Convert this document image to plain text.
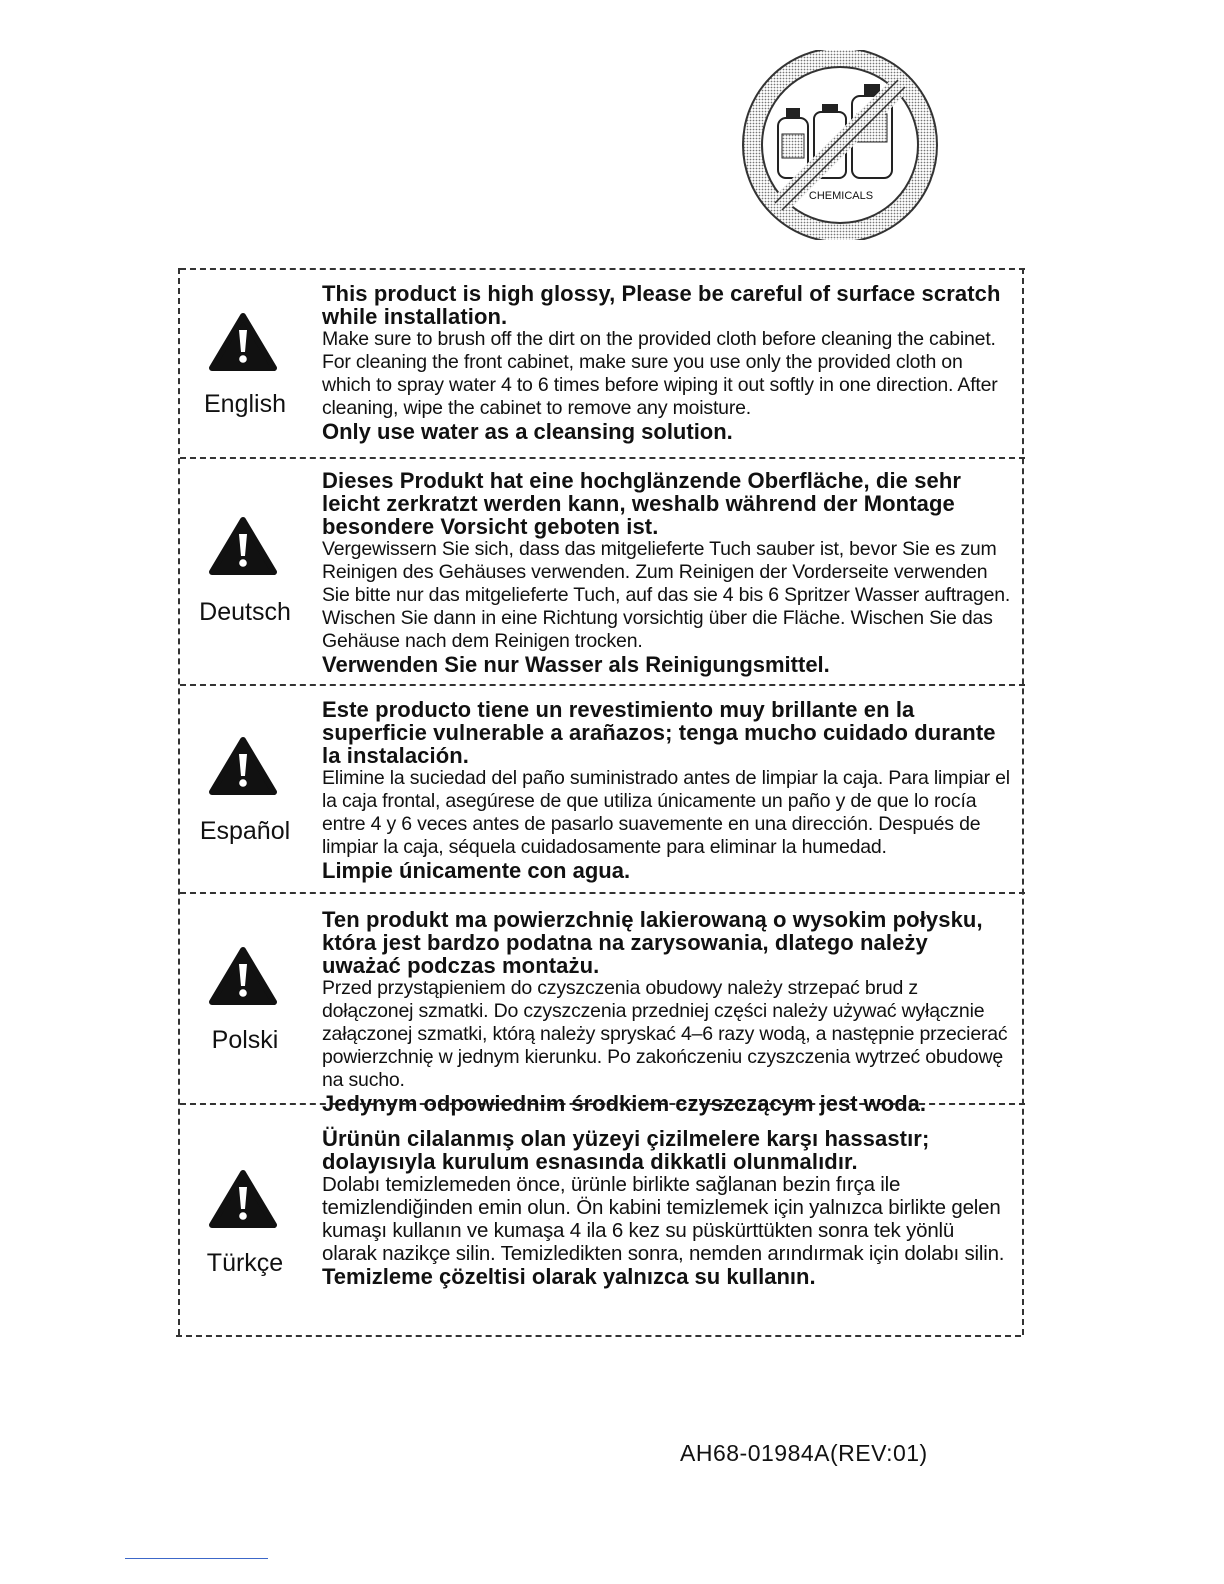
CHEMICALS
English
This product is high glossy, Please be careful of surface scratch while installation.
Make sure to brush off the dirt on the provided cloth before cleaning the cabinet. For cleaning the front cabinet, make sure you use only the provided cloth on which to spray water 4 to 6 times before wiping it out softly in one direction. After cleaning, wipe the cabinet to remove any moisture.
Only use water as a cleansing solution.
Deutsch
Dieses Produkt hat eine hochglänzende Oberfläche, die sehr leicht zerkratzt werden kann, weshalb während der Montage besondere Vorsicht geboten ist.
Vergewissern Sie sich, dass das mitgelieferte Tuch sauber ist, bevor Sie es zum Reinigen des Gehäuses verwenden. Zum Reinigen der Vorderseite verwenden Sie bitte nur das mitgelieferte Tuch, auf das sie 4 bis 6 Spritzer Wasser auftragen. Wischen Sie dann in eine Richtung vorsichtig über die Fläche. Wischen Sie das Gehäuse nach dem Reinigen trocken.
Verwenden Sie nur Wasser als Reinigungsmittel.
Español
Este producto tiene un revestimiento muy brillante en la superficie vulnerable a arañazos; tenga mucho cuidado durante la instalación.
Elimine la suciedad del paño suministrado antes de limpiar la caja. Para limpiar el la caja frontal, asegúrese de que utiliza únicamente un paño y de que lo rocía entre 4 y 6 veces antes de pasarlo suavemente en una dirección. Después de limpiar la caja, séquela cuidadosamente para eliminar la humedad.
Limpie únicamente con agua.
Polski
Ten produkt ma powierzchnię lakierowaną o wysokim połysku, która jest bardzo podatna na zarysowania, dlatego należy uważać podczas montażu.
Przed przystąpieniem do czyszczenia obudowy należy strzepać brud z dołączonej szmatki. Do czyszczenia przedniej części należy używać wyłącznie załączonej szmatki, którą należy spryskać 4–6 razy wodą, a następnie przecierać powierzchnię w jednym kierunku. Po zakończeniu czyszczenia wytrzeć obudowę na sucho.
Jedynym odpowiednim środkiem czyszczącym jest woda.
Türkçe
Ürünün cilalanmış olan yüzeyi çizilmelere karşı hassastır; dolayısıyla kurulum esnasında dikkatli olunmalıdır.
Dolabı temizlemeden önce, ürünle birlikte sağlanan bezin fırça ile temizlendiğinden emin olun. Ön kabini temizlemek için yalnızca birlikte gelen kumaşı kullanın ve kumaşa 4 ila 6 kez su püskürttükten sonra tek yönlü olarak nazikçe silin. Temizledikten sonra, nemden arındırmak için dolabı silin.
Temizleme çözeltisi olarak yalnızca su kullanın.
AH68-01984A(REV:01)
